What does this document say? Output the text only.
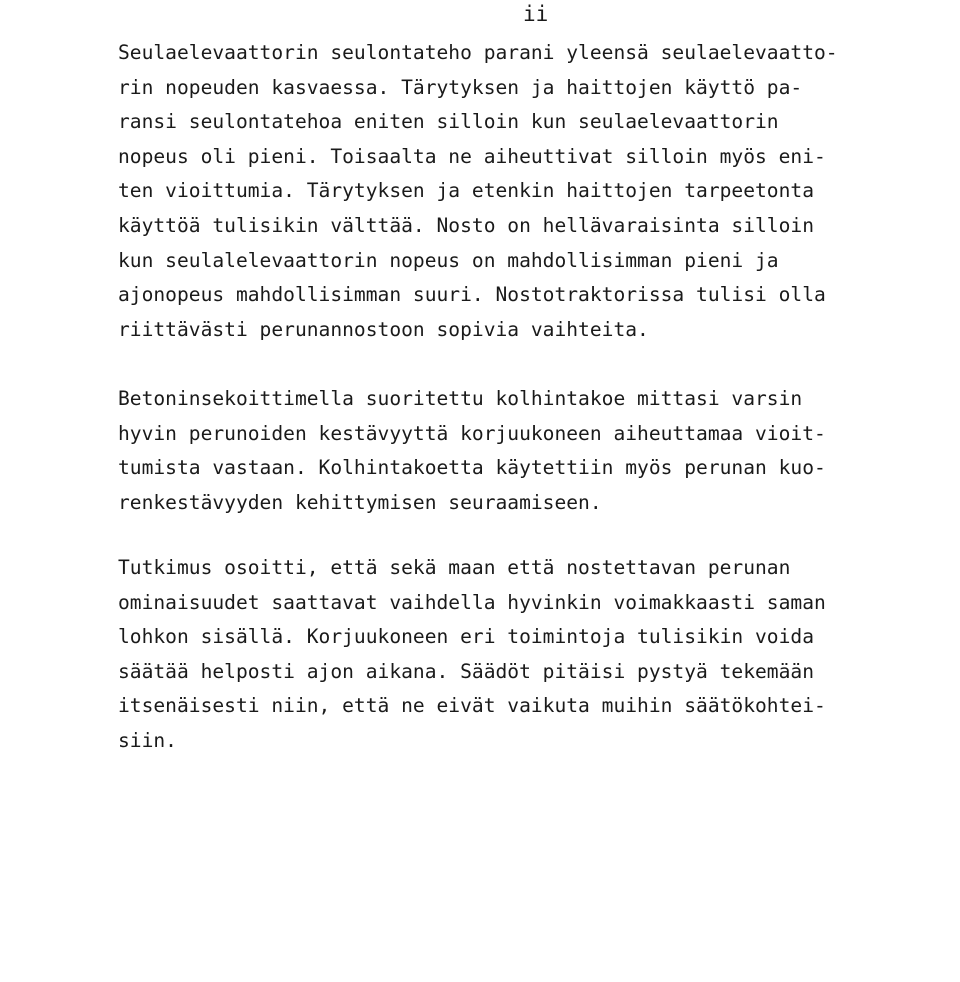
ii
Seulaelevaattorin seulontateho parani yleensä seulaelevaatto-
rin nopeuden kasvaessa. Tärytyksen ja haittojen käyttö pa-
ransi seulontatehoa eniten silloin kun seulaelevaattorin
nopeus oli pieni. Toisaalta ne aiheuttivat silloin myös eni-
ten vioittumia. Tärytyksen ja etenkin haittojen tarpeetonta
käyttöä tulisikin välttää. Nosto on hellävaraisinta silloin
kun seulalelevaattorin nopeus on mahdollisimman pieni ja
ajonopeus mahdollisimman suuri. Nostotraktorissa tulisi olla
riittävästi perunannostoon sopivia vaihteita.
Betoninsekoittimella suoritettu kolhintakoe mittasi varsin
hyvin perunoiden kestävyyttä korjuukoneen aiheuttamaa vioit-
tumista vastaan. Kolhintakoetta käytettiin myös perunan kuo-
renkestävyyden kehittymisen seuraamiseen.
Tutkimus osoitti, että sekä maan että nostettavan perunan
ominaisuudet saattavat vaihdella hyvinkin voimakkaasti saman
lohkon sisällä. Korjuukoneen eri toimintoja tulisikin voida
säätää helposti ajon aikana. Säädöt pitäisi pystyä tekemään
itsenäisesti niin, että ne eivät vaikuta muihin säätökohtei-
siin.
